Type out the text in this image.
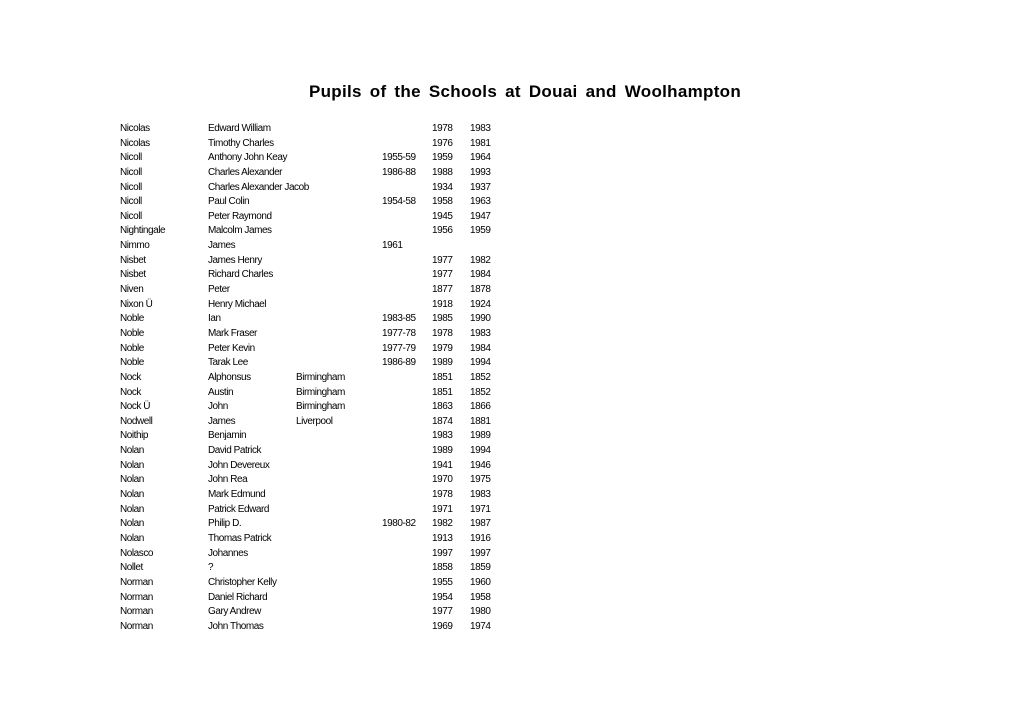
Pupils of the Schools at Douai and Woolhampton
Nicolas	Edward William	1978 1983
Nicolas	Timothy Charles	1976 1981
Nicoll	Anthony John Keay	1955-59 1959 1964
Nicoll	Charles Alexander	1986-88 1988 1993
Nicoll	Charles Alexander Jacob	1934 1937
Nicoll	Paul Colin	1954-58 1958 1963
Nicoll	Peter Raymond	1945 1947
Nightingale	Malcolm James	1956 1959
Nimmo	James	1961
Nisbet	James Henry	1977 1982
Nisbet	Richard Charles	1977 1984
Niven	Peter	1877 1878
Nixon Ü	Henry Michael	1918 1924
Noble	Ian	1983-85 1985 1990
Noble	Mark Fraser	1977-78 1978 1983
Noble	Peter Kevin	1977-79 1979 1984
Noble	Tarak Lee	1986-89 1989 1994
Nock	Alphonsus	Birmingham	1851 1852
Nock	Austin	Birmingham	1851 1852
Nock Ü	John	Birmingham	1863 1866
Nodwell	James	Liverpool	1874 1881
Noithip	Benjamin	1983 1989
Nolan	David Patrick	1989 1994
Nolan	John Devereux	1941 1946
Nolan	John Rea	1970 1975
Nolan	Mark Edmund	1978 1983
Nolan	Patrick Edward	1971 1971
Nolan	Philip D.	1980-82 1982 1987
Nolan	Thomas Patrick	1913 1916
Nolasco	Johannes	1997 1997
Nollet	?	1858 1859
Norman	Christopher Kelly	1955 1960
Norman	Daniel Richard	1954 1958
Norman	Gary Andrew	1977 1980
Norman	John Thomas	1969 1974
